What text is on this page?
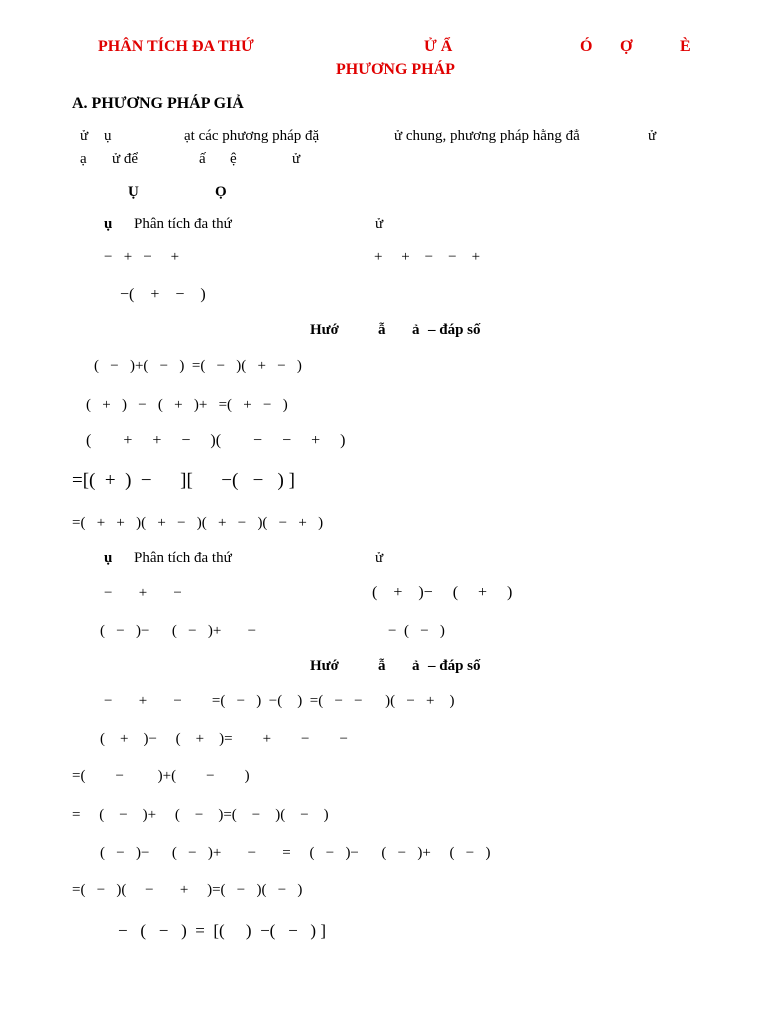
PHÂN TÍCH ĐA THỨ	Ử Ẩ	Ó Ợ	È
PHƯƠNG PHÁP
A. PHƯƠNG PHÁP GIẢ
ử ụ	ạt các phương pháp đặ	ử chung, phương pháp hằng đẳ	ử
ạ ử để	ấ ệ	ử
Ụ	Ọ
ụ Phân tích đa thứ	ử
−   +   −     +	+     +    −    −    +
−(    +    −    )
Hướ	ẫ ả – đáp số
(   −   )+(   −   )  =(   −   )(   +   −   )
(   +   )   −   (   +   )+   =(   +   −   )
(        +     +     −     )(        −     −     +     )
=[(  +  )  −      ][      −(   −   ) ]
=(   +   +   )(   +   −   )(   +   −   )(   −   +   )
ụ Phân tích đa thứ	ử
−       +       −	(    +    )−     (     +     )
(   −   )−      (   −   )+       −	−  (   −   )
Hướ	ẫ ả – đáp số
−       +       −        =(   −   )  −(    )  =(   −   −      )(   −   +    )
(    +    )−     (    +    )=        +        −        −
=(        −         )+(        −        )
=     (    −    )+     (    −    )=(    −    )(    −    )
(   −   )−      (   −   )+       −       =     (   −   )−      (   −   )+     (   −   )
=(   −   )(     −       +     )=(   −   )(   −   )
−   (   −   )  =  [(     )  −(   −   ) ]
